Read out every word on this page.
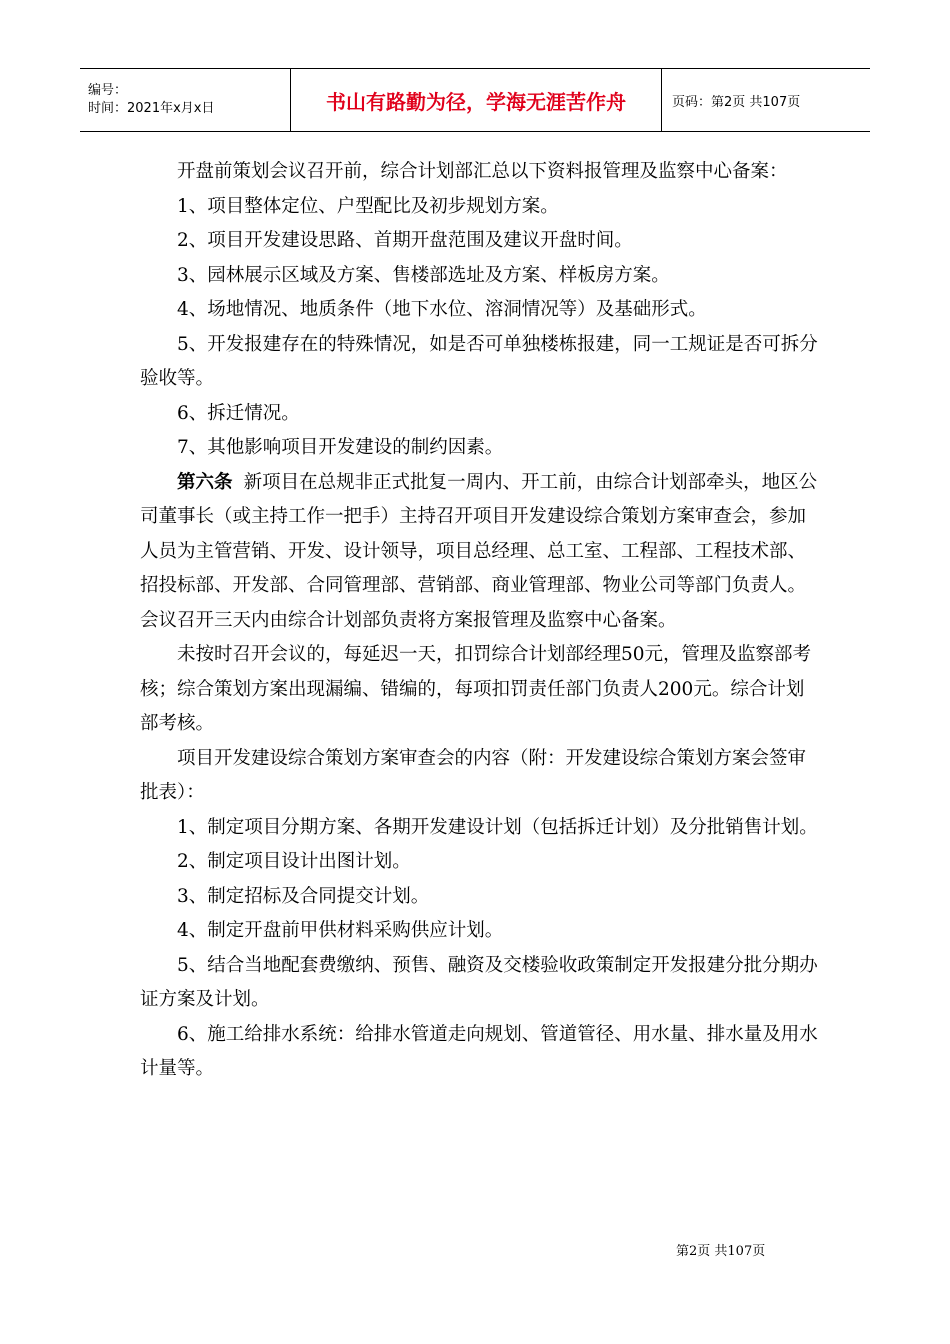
编号：
时间：2021年x月x日	书山有路勤为径，学海无涯苦作舟	页码：第2页 共107页

开盘前策划会议召开前，综合计划部汇总以下资料报管理及监察中心备案：

1、项目整体定位、户型配比及初步规划方案。

2、项目开发建设思路、首期开盘范围及建议开盘时间。

3、园林展示区域及方案、售楼部选址及方案、样板房方案。

4、场地情况、地质条件（地下水位、溶洞情况等）及基础形式。

5、开发报建存在的特殊情况，如是否可单独楼栋报建，同一工规证是否可拆分验收等。

6、拆迁情况。

7、其他影响项目开发建设的制约因素。

第六条 新项目在总规非正式批复一周内、开工前，由综合计划部牵头，地区公司董事长（或主持工作一把手）主持召开项目开发建设综合策划方案审查会，参加人员为主管营销、开发、设计领导，项目总经理、总工室、工程部、工程技术部、招投标部、开发部、合同管理部、营销部、商业管理部、物业公司等部门负责人。会议召开三天内由综合计划部负责将方案报管理及监察中心备案。

未按时召开会议的，每延迟一天，扣罚综合计划部经理50元，管理及监察部考核；综合策划方案出现漏编、错编的，每项扣罚责任部门负责人200元。综合计划部考核。

项目开发建设综合策划方案审查会的内容（附：开发建设综合策划方案会签审批表）：

1、制定项目分期方案、各期开发建设计划（包括拆迁计划）及分批销售计划。

2、制定项目设计出图计划。

3、制定招标及合同提交计划。

4、制定开盘前甲供材料采购供应计划。

5、结合当地配套费缴纳、预售、融资及交楼验收政策制定开发报建分批分期办证方案及计划。

6、施工给排水系统：给排水管道走向规划、管道管径、用水量、排水量及用水计量等。

第2页 共107页
